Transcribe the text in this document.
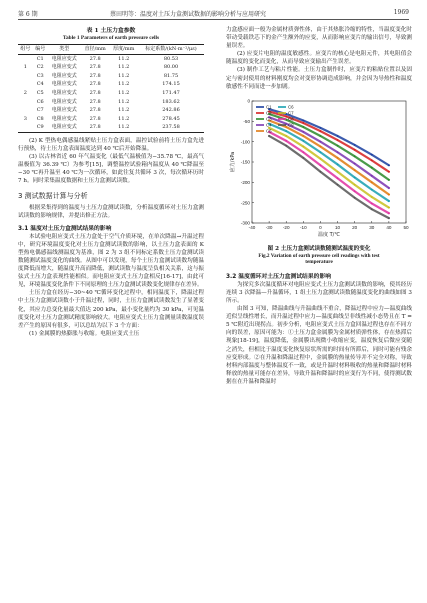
第 6 期	蔡田明等：温度对土压力盒测试数据的影响分析与应用研究	1969
表 1 土压力盒参数
Table 1 Parameters of earth pressure cells
组号	编号	类型	直径/mm	厚度/mm	标定系数/(kN·m⁻²/με)
	C1	电阻应变式	27.8	11.2	80.53
1	C2	电阻应变式	27.8	11.2	80.00
	C3	电阻应变式	27.8	11.2	81.75
	C4	电阻应变式	27.8	11.2	174.15
2	C5	电阻应变式	27.8	11.2	171.47
	C6	电阻应变式	27.8	11.2	183.62
	C7	电阻应变式	27.8	11.2	242.86
3	C8	电阻应变式	27.8	11.2	278.45
	C9	电阻应变式	27.8	11.2	237.58

(2) K 型热电偶感温线紧贴土压力盒表面，温控试验前将土压力盒先进行预热，待土压力盒表面温度达到 40 ℃后开始降温。

(3) 以古林省近 60 年气温变化（最低气温极值为−35.78 ℃，最高气温极值为 36.39 ℃）为参考[15]，调整温控试验箱内温度从 40 ℃降温至−30 ℃再升温至 40 ℃为一次循环，如此往复共循环 3 次，每次循环历时 7 h。同时采集温度数据和土压力盒测试读数。

3 测试数据计算与分析

根据采集得到的温度与土压力盒测试读数，分析温度循环对土压力盒测试读数的影响规律，并提出修正方法。

3.1 温度对土压力盒测试结果的影响

本试验电阻应变式土压力盒处于空气介质环境，在单次降温→升温过程中，研究环境温度变化对土压力盒测试读数的影响，以土压力盒表面的 K 型热电偶感温线测温度为基准，图 2 为 3 组不同标定系数土压力盒测试读数随测试温度变化的曲线。从图中可以发现，每个土压力盒测试读数均随温度降低而增大，随温度升高而降低，测试读数与温度呈负相关关系，这与振弦式土压力盒表现性能相似。而电阻应变式土压力盒相反[16-17]，由此可见，环境温度变化条件下不同原理的土压力盒测试读数变化规律存在差异。

土压力盒在经历−30~40 ℃循环变化过程中，相同温度下，降温过程中土压力盒测试读数小于升温过程，同时，土压力盒测试读数发生了显著变化，其应力总变化量最大值达 200 kPa，最小变化量约为 30 kPa，可见温度变化对土压力盒测试精度影响较大。电阻应变式土压力盒测量读数温度误差产生的原因有很多，可以总结为以下 3 个方面：

(1) 金属膜的热膨胀与收缩。电阻应变式土压

力盒感应面一般为金属材质弹性体，由于其热胀冷缩的特性，当温度变化时带动受载铁芯下的金产生额外的应变，从而影响应变片的输出信号，导致测量误差。

(2) 应变片电阻的温度敏感性。应变片的核心是电阻元件，其电阻值会随温度的变化而变化，从而导致应变输出产生误差。

(3) 制作工艺与粘片性能。土压力盒制作时，应变片的粘贴位置以及固定与密封使用的材料刚度均会对变形协调造成影响，并会因为导热性和温度敏感性不同而进一步加剧。

-40 -30 -20 -10	0	10	20	30	40	50
0
-50
-100
-150
-200
-250
-300
温度 T/℃
应力/kPa
C1
C2
C3
C4
C5
C6
C7
C8
C9
图 2 土压力盒测试读数随测试温度的变化
Fig.2 Variation of earth pressure cell readings with test
temperature
3.2 温度循环对土压力盒测试结果的影响

为探究多次温度循环对电阻应变式土压力盒测试读数的影响，使其经历连续 3 次降温—升温循环，1 组土压力盒测试读数随温度变化的曲线如图 3 所示。

由图 3 可知，降温曲线与升温曲线不重合，降温过程中应力—温度曲线近似呈线性增长，而升温过程中应力—温度曲线呈非线性减小态势且在 T = 5 ℃附近出现拐点。初步分析，电阻应变式土压力盒回温过程也存在不同方向的误差，原因可能为：①土压力盒金属膜为金属材质弹性体，存在热滞后现象[18-19]，温度降低，金属膜出现微小收缩应变，温度恢复后微应变随之消失，但相比于温度变化恢复原状所需的时间有所滞后，同时可能有残余应变形成。②在升温和降温过程中，金属膜的热量传导并不完全对称，导致材料内部温度与整体温度不一致，或是升温时材料吸收的热量和降温时材料释放的热量可能存在差异，导致升温和降温时的应变行为不同，使得测试数据在在升温和降温时
